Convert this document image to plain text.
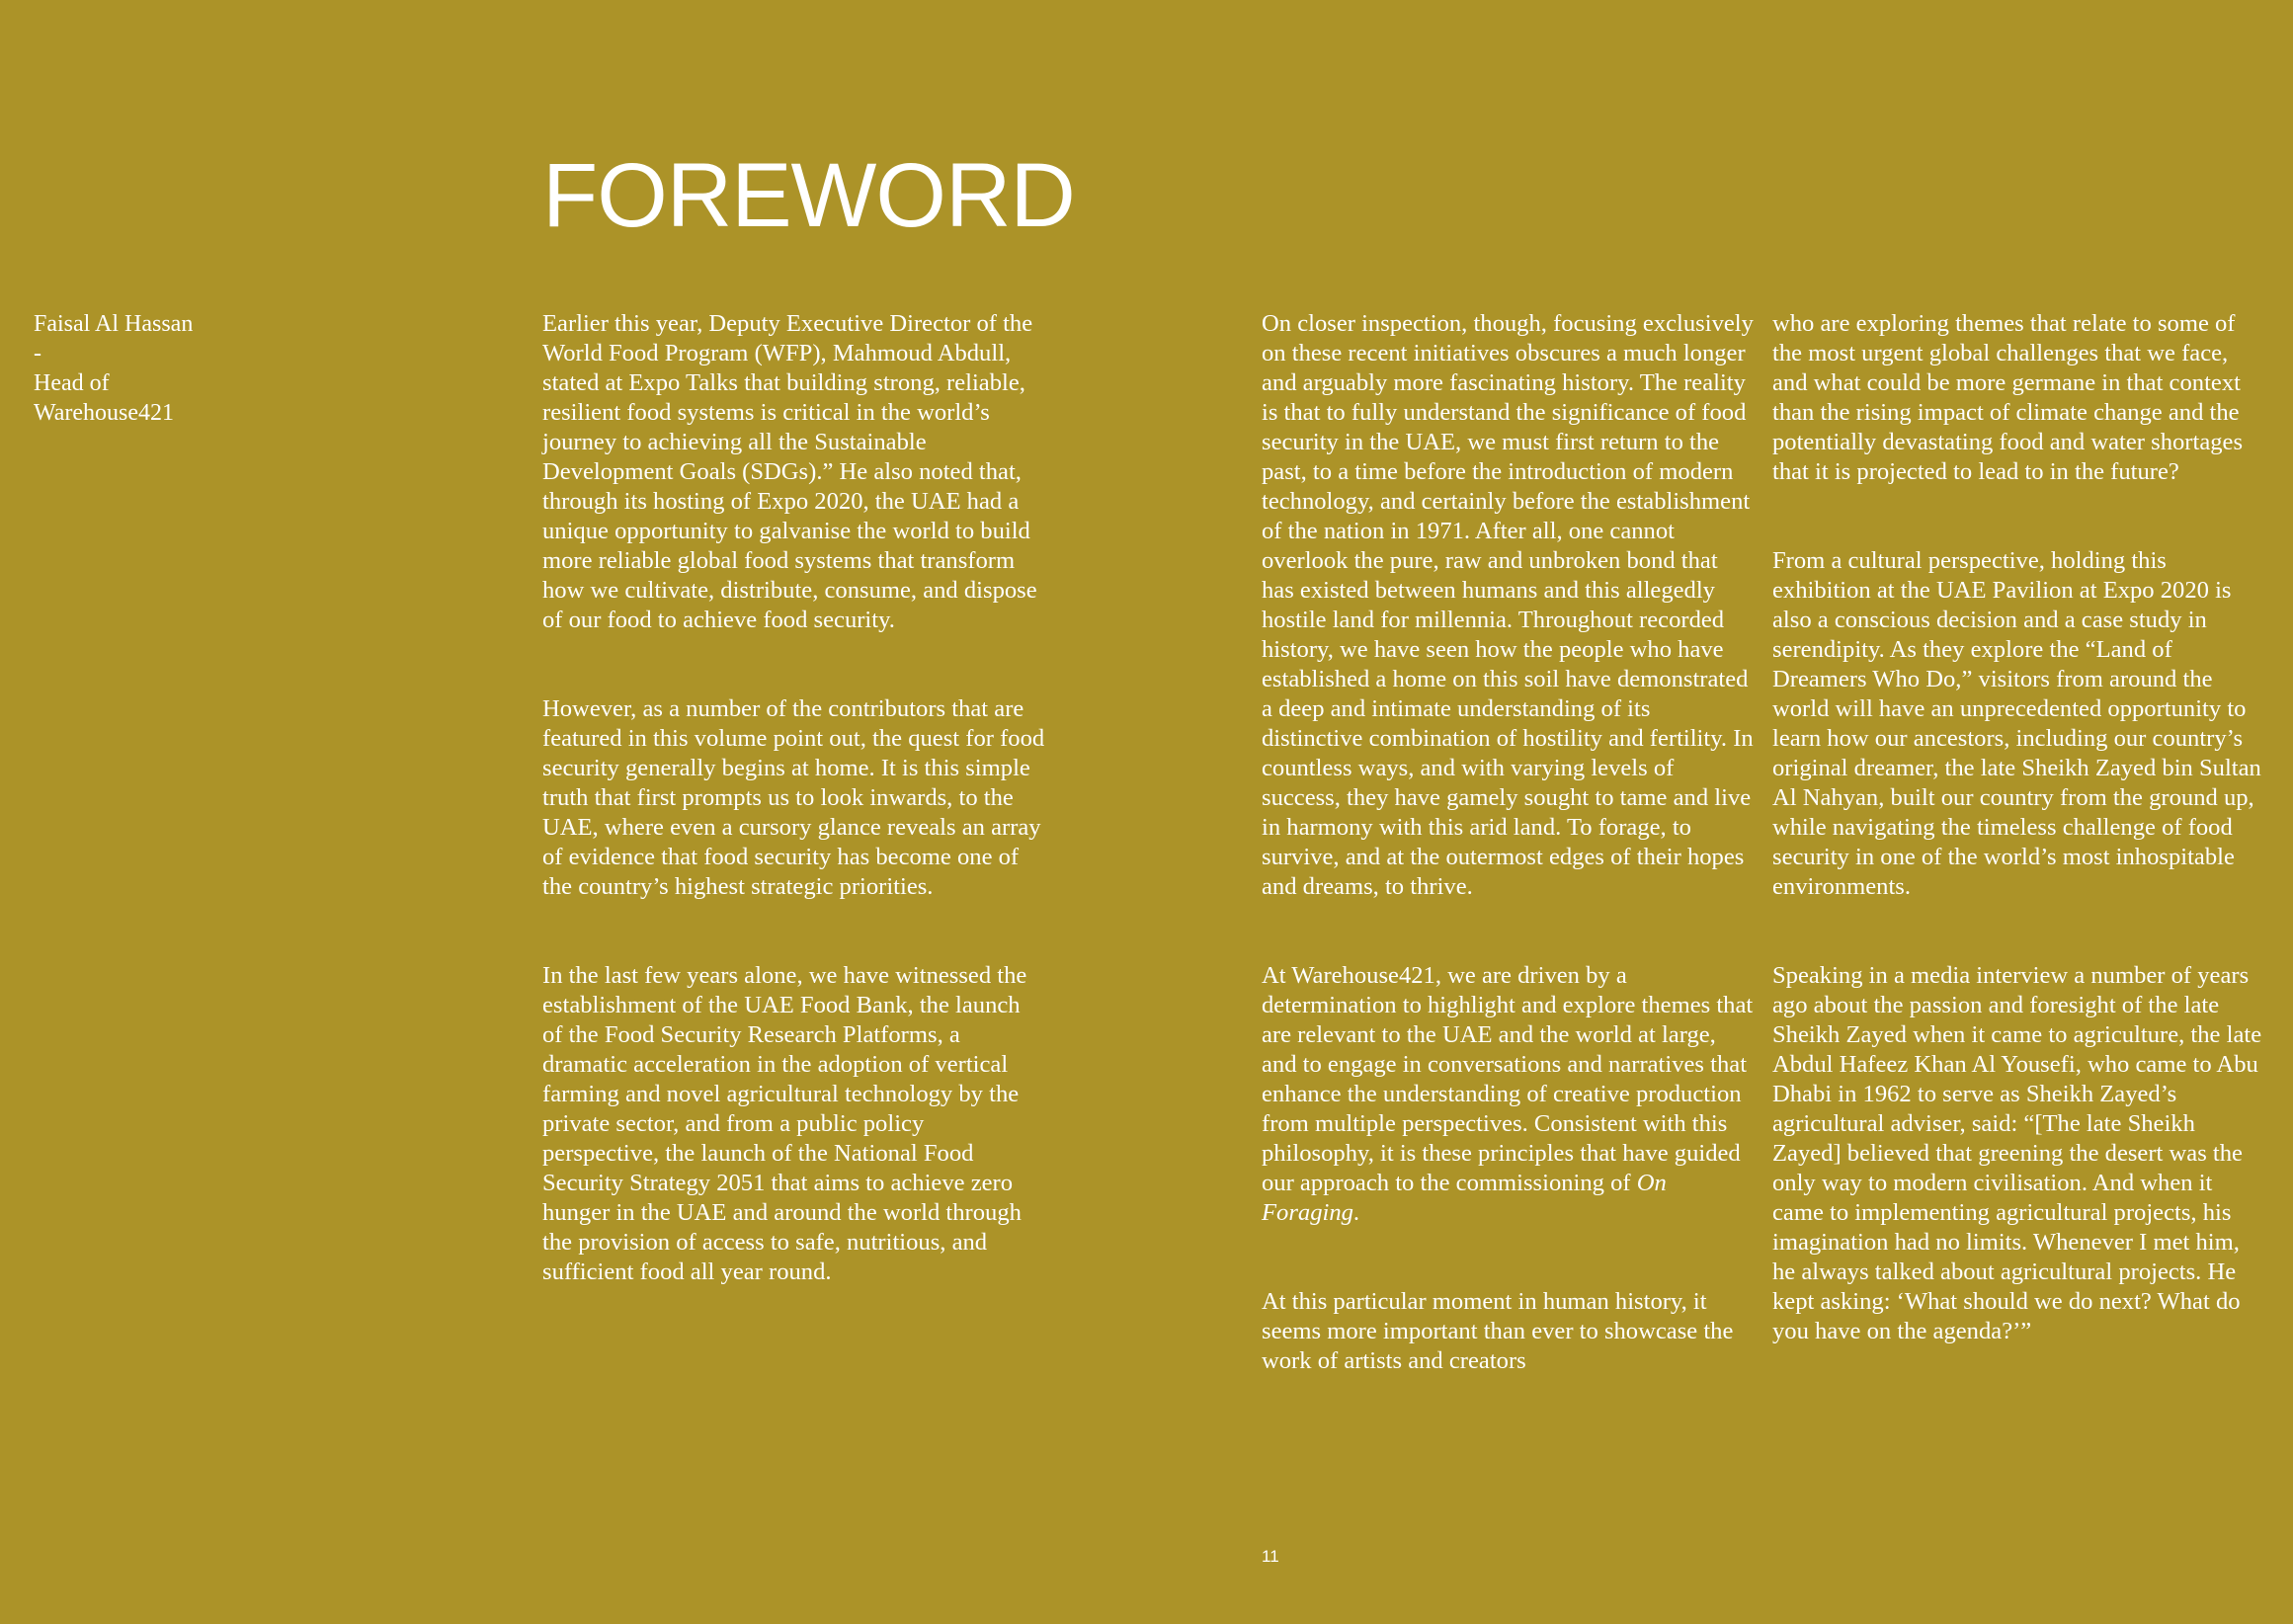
FOREWORD
Faisal Al Hassan
-
Head of
Warehouse421

Earlier this year, Deputy Executive Director of the World Food Program (WFP), Mahmoud Abdull, stated at Expo Talks that building strong, reliable, resilient food systems is critical in the world’s journey to achieving all the Sustainable Development Goals (SDGs).” He also noted that, through its hosting of Expo 2020, the UAE had a unique opportunity to galvanise the world to build more reliable global food systems that transform how we cultivate, distribute, consume, and dispose of our food to achieve food security.

However, as a number of the contributors that are featured in this volume point out, the quest for food security generally begins at home. It is this simple truth that first prompts us to look inwards, to the UAE, where even a cursory glance reveals an array of evidence that food security has become one of the country’s highest strategic priorities.

In the last few years alone, we have witnessed the establishment of the UAE Food Bank, the launch of the Food Security Research Platforms, a dramatic acceleration in the adoption of vertical farming and novel agricultural technology by the private sector, and from a public policy perspective, the launch of the National Food Security Strategy 2051 that aims to achieve zero hunger in the UAE and around the world through the provision of access to safe, nutritious, and sufficient food all year round.

On closer inspection, though, focusing exclusively on these recent initiatives obscures a much longer and arguably more fascinating history. The reality is that to fully understand the significance of food security in the UAE, we must first return to the past, to a time before the introduction of modern technology, and certainly before the establishment of the nation in 1971. After all, one cannot overlook the pure, raw and unbroken bond that has existed between humans and this allegedly hostile land for millennia. Throughout recorded history, we have seen how the people who have established a home on this soil have demonstrated a deep and intimate understanding of its distinctive combination of hostility and fertility. In countless ways, and with varying levels of success, they have gamely sought to tame and live in harmony with this arid land. To forage, to survive, and at the outermost edges of their hopes and dreams, to thrive.

At Warehouse421, we are driven by a determination to highlight and explore themes that are relevant to the UAE and the world at large, and to engage in conversations and narratives that enhance the understanding of creative production from multiple perspectives. Consistent with this philosophy, it is these principles that have guided our approach to the commissioning of On Foraging.

At this particular moment in human history, it seems more important than ever to showcase the work of artists and creators

who are exploring themes that relate to some of the most urgent global challenges that we face, and what could be more germane in that context than the rising impact of climate change and the potentially devastating food and water shortages that it is projected to lead to in the future?

From a cultural perspective, holding this exhibition at the UAE Pavilion at Expo 2020 is also a conscious decision and a case study in serendipity. As they explore the “Land of Dreamers Who Do,” visitors from around the world will have an unprecedented opportunity to learn how our ancestors, including our country’s original dreamer, the late Sheikh Zayed bin Sultan Al Nahyan, built our country from the ground up, while navigating the timeless challenge of food security in one of the world’s most inhospitable environments.

Speaking in a media interview a number of years ago about the passion and foresight of the late Sheikh Zayed when it came to agriculture, the late Abdul Hafeez Khan Al Yousefi, who came to Abu Dhabi in 1962 to serve as Sheikh Zayed’s agricultural adviser, said: “[The late Sheikh Zayed] believed that greening the desert was the only way to modern civilisation. And when it came to implementing agricultural projects, his imagination had no limits. Whenever I met him, he always talked about agricultural projects. He kept asking: ‘What should we do next? What do you have on the agenda?’”

11
